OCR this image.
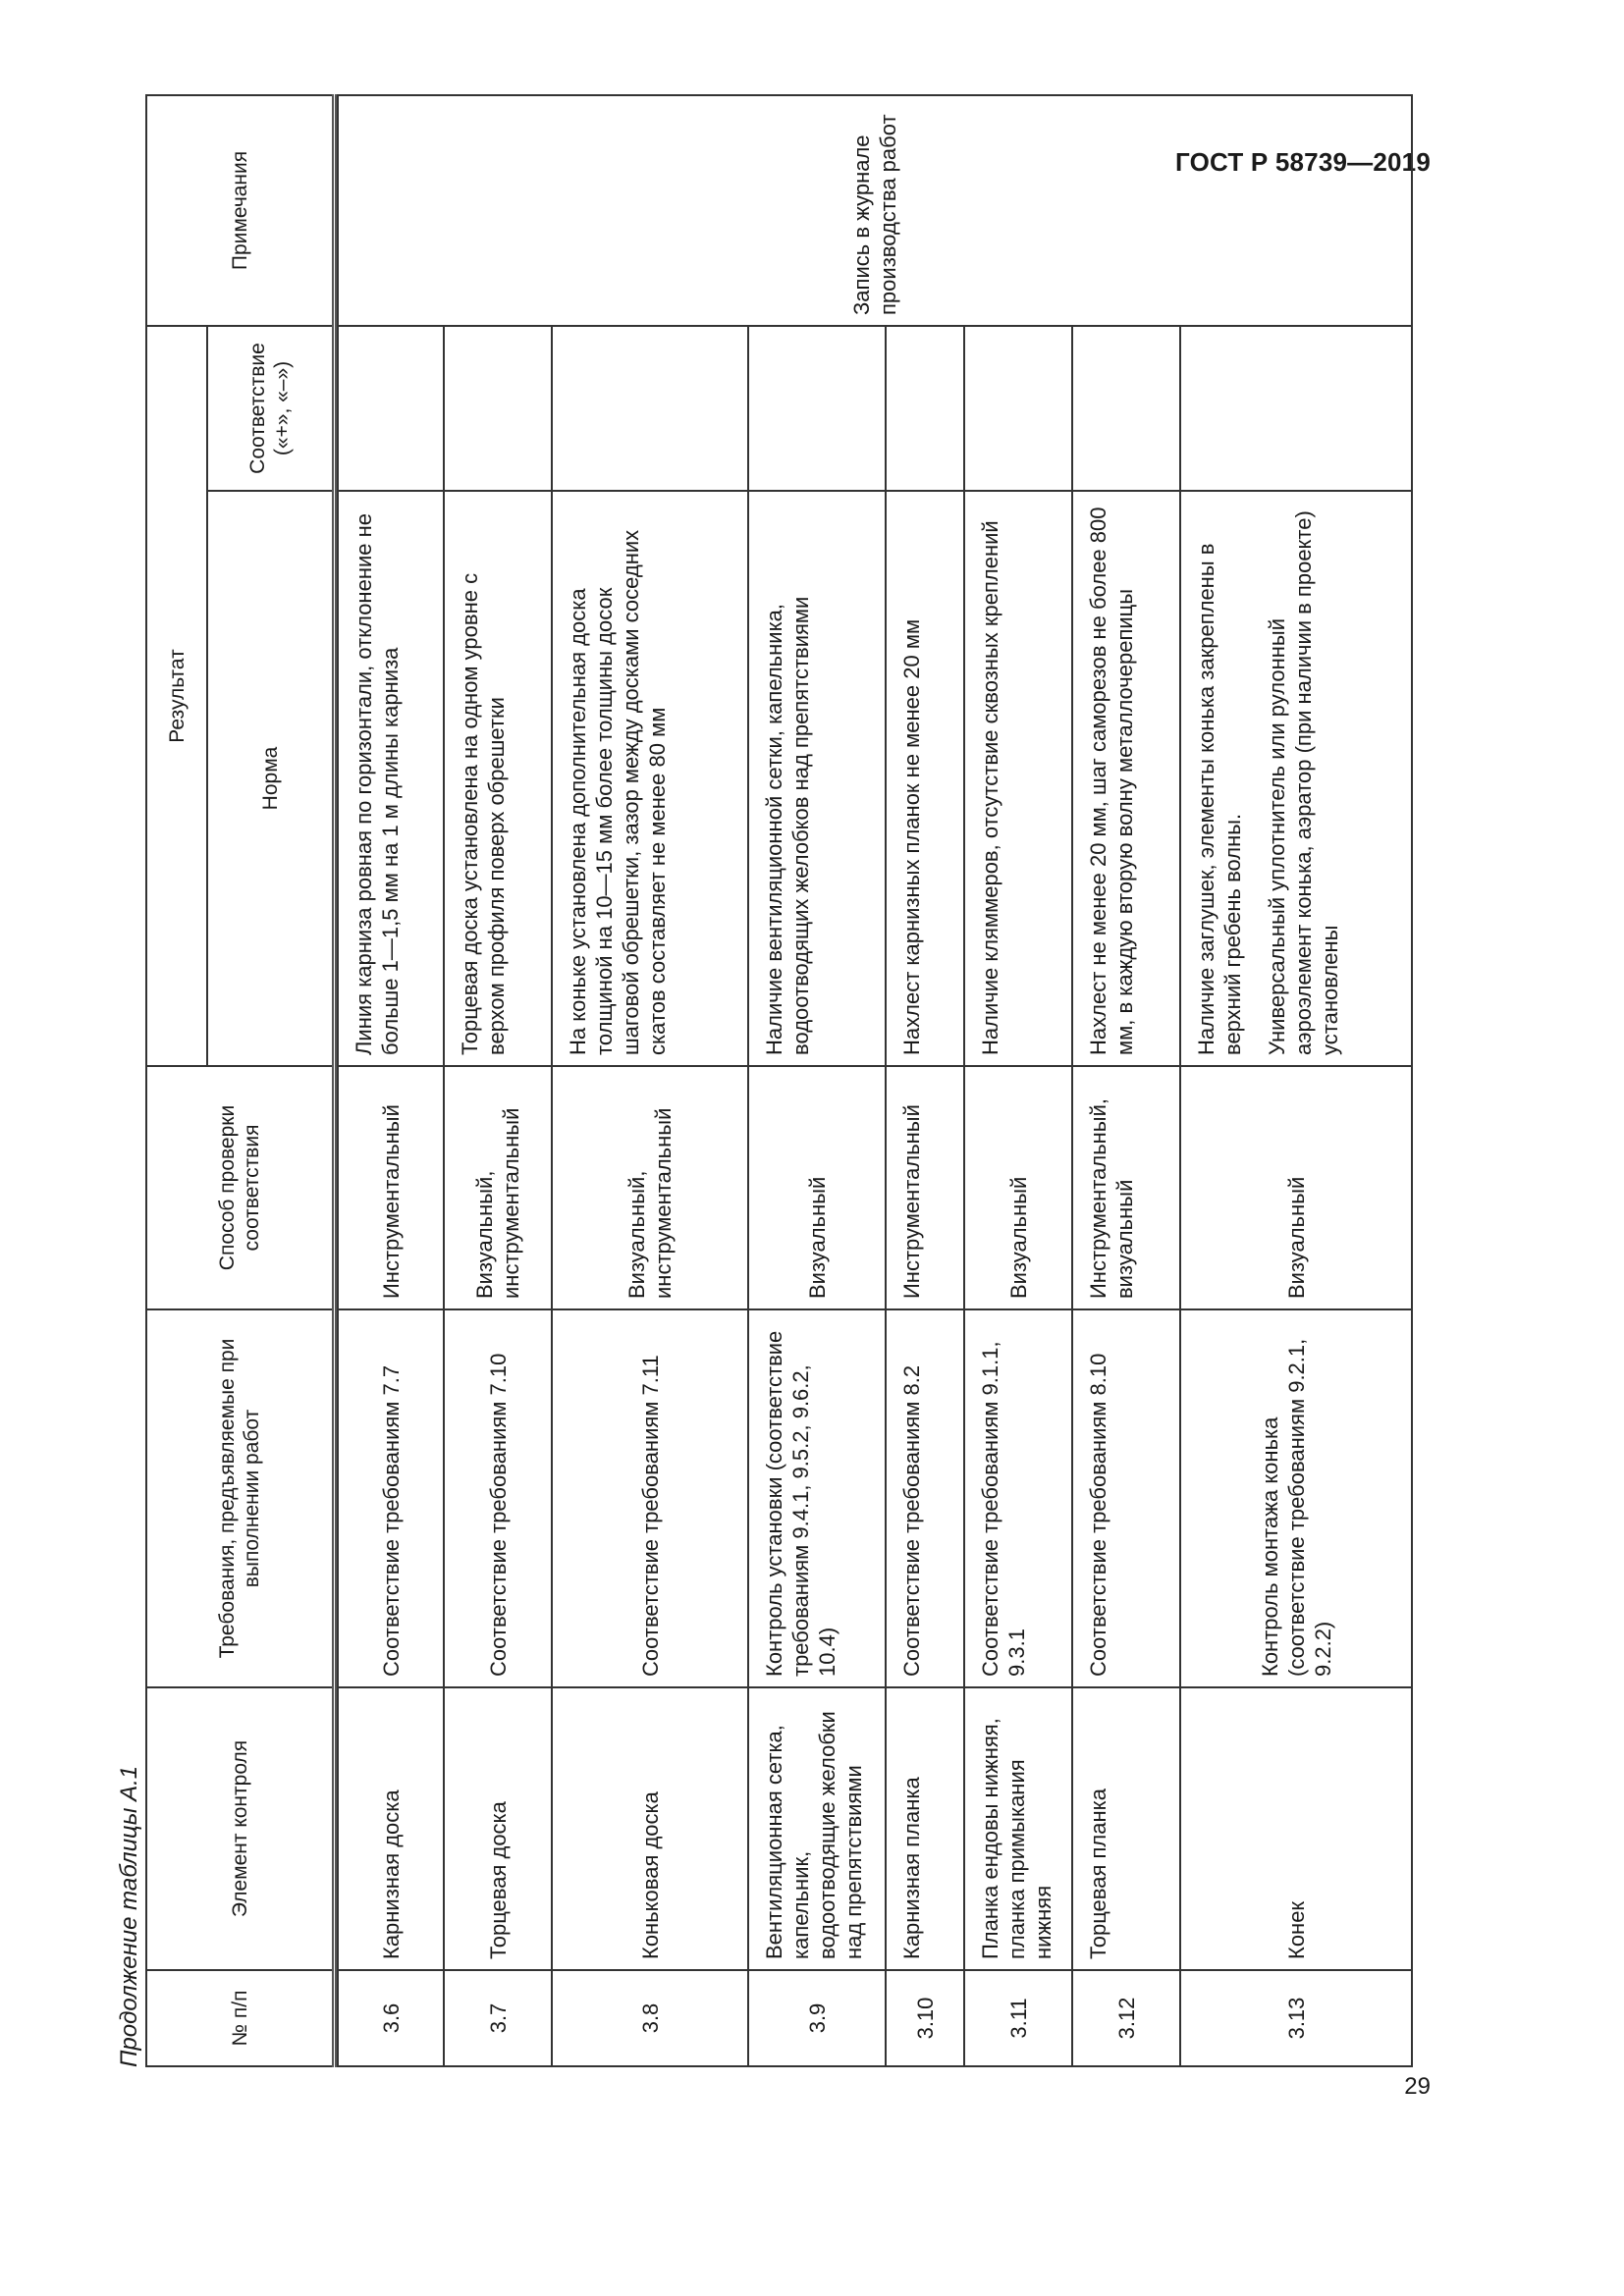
ГОСТ Р 58739—2019
Продолжение таблицы А.1	№ п/п	Элемент контроля	Требования, предъявляемые при выполнении работ	Способ проверки соответствия	Результат		Примечания
				Норма	Соответствие («+», «–»)	

3.6	Карнизная доска	Соответствие требованиям 7.7	Инструментальный	Линия карниза ровная по горизонтали, отклонение не больше 1—1,5 мм на 1 м длины карниза		Запись в журнале производства работ
3.7	Торцевая доска	Соответствие требованиям 7.10	Визуальный, инструментальный	Торцевая доска установлена на одном уровне с верхом профиля поверх обрешетки		
3.8	Коньковая доска	Соответствие требованиям 7.11	Визуальный, инструментальный	На коньке установлена дополнительная доска толщиной на 10—15 мм более толщины досок шаговой обрешетки, зазор между досками соседних скатов составляет не менее 80 мм		
3.9	Вентиляционная сетка, капельник, водоотводящие желобки над препятствиями	Контроль установки (соответствие требованиям 9.4.1, 9.5.2, 9.6.2, 10.4)	Визуальный	Наличие вентиляционной сетки, капельника, водоотводящих желобков над препятствиями		
3.10	Карнизная планка	Соответствие требованиям 8.2	Инструментальный	Нахлест карнизных планок не менее 20 мм		
3.11	Планка ендовы нижняя, планка примыкания нижняя	Соответствие требованиям 9.1.1, 9.3.1	Визуальный	Наличие кляммеров, отсутствие сквозных креплений		
3.12	Торцевая планка	Соответствие требованиям 8.10	Инструментальный, визуальный	Нахлест не менее 20 мм, шаг саморезов не более 800 мм, в каждую вторую волну металлочерепицы		
3.13	Конек	Контроль монтажа конька (соответствие требованиям 9.2.1, 9.2.2)	Визуальный	Наличие заглушек, элементы конька закреплены в верхний гребень волны. Универсальный уплотнитель или рулонный аэроэлемент конька, аэратор (при наличии в проекте) установлены		

29
